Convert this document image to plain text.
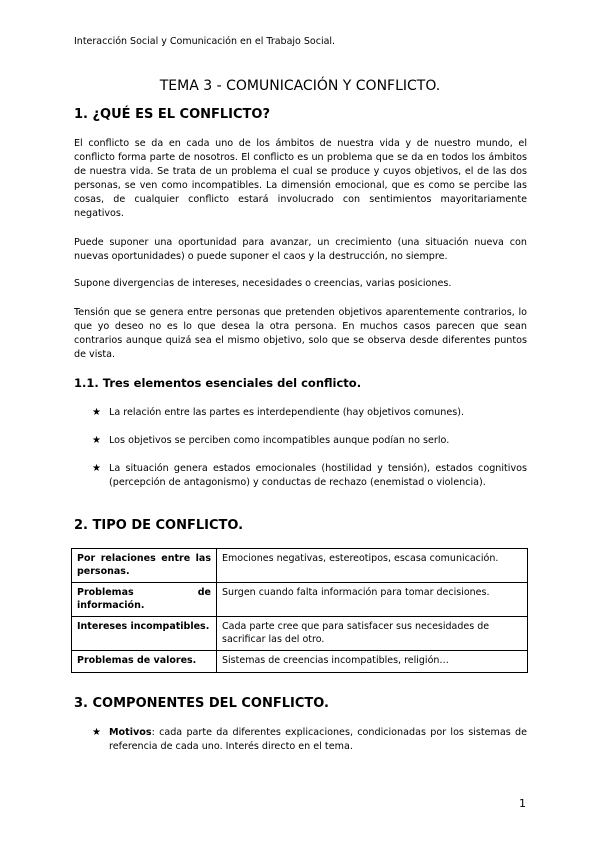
Interacción Social y Comunicación en el Trabajo Social.
TEMA 3 - COMUNICACIÓN Y CONFLICTO.
1. ¿QUÉ ES EL CONFLICTO?

El conflicto se da en cada uno de los ámbitos de nuestra vida y de nuestro mundo, el conflicto forma parte de nosotros. El conflicto es un problema que se da en todos los ámbitos de nuestra vida. Se trata de un problema el cual se produce y cuyos objetivos, el de las dos personas, se ven como incompatibles. La dimensión emocional, que es como se percibe las cosas, de cualquier conflicto estará involucrado con sentimientos mayoritariamente negativos.

Puede suponer una oportunidad para avanzar, un crecimiento (una situación nueva con nuevas oportunidades) o puede suponer el caos y la destrucción, no siempre.

Supone divergencias de intereses, necesidades o creencias, varias posiciones.

Tensión que se genera entre personas que pretenden objetivos aparentemente contrarios, lo que yo deseo no es lo que desea la otra persona. En muchos casos parecen que sean contrarios aunque quizá sea el mismo objetivo, solo que se observa desde diferentes puntos de vista.

1.1. Tres elementos esenciales del conflicto.
★ La relación entre las partes es interdependiente (hay objetivos comunes).
★ Los objetivos se perciben como incompatibles aunque podían no serlo.
★ La situación genera estados emocionales (hostilidad y tensión), estados cognitivos (percepción de antagonismo) y conductas de rechazo (enemistad o violencia).
2. TIPO DE CONFLICTO.
Por relaciones entre las personas.	Emociones negativas, estereotipos, escasa comunicación.
Problemas de información.	Surgen cuando falta información para tomar decisiones.
Intereses incompatibles.	Cada parte cree que para satisfacer sus necesidades de sacrificar las del otro.
Problemas de valores.	Sistemas de creencias incompatibles, religión…
3. COMPONENTES DEL CONFLICTO.
★ Motivos: cada parte da diferentes explicaciones, condicionadas por los sistemas de referencia de cada uno. Interés directo en el tema.
1
